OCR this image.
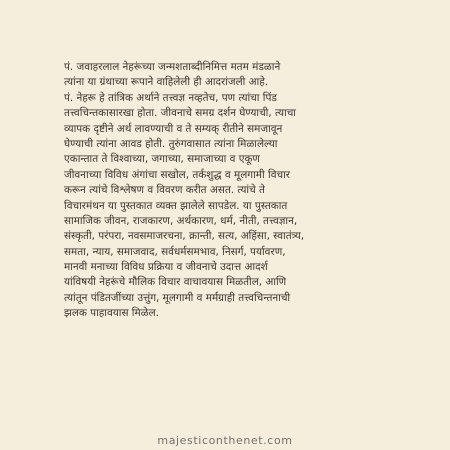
पं. जवाहरलाल नेहरूंच्या जन्मशताब्दीनिमित्त मतम मंडळाने
त्यांना या ग्रंथाच्या रूपाने वाहिलेली ही आदरांजली आहे.
पं. नेहरू हे तांत्रिक अर्थाने तत्त्वज्ञ नव्हतेच, पण त्यांचा पिंड
तत्त्वचिन्तकासारखा होता. जीवनाचे समग्र दर्शन घेण्याची, त्याचा
व्यापक दृष्टीने अर्थ लावण्याची व ते सम्यक् रीतीने समजावून
घेण्याची त्यांना आवड होती. तुरुंगवासात त्यांना मिळालेल्या
एकान्तात ते विश्वाच्या, जगाच्या, समाजाच्या व एकूण
जीवनाच्या विविध अंगांचा सखोल, तर्कशुद्ध व मूलगामी विचार
करून त्यांचे विश्लेषण व विवरण करीत असत. त्यांचे ते
विचारमंथन या पुस्तकात व्यक्त झालेले सापडेल. या पुस्तकात
सामाजिक जीवन, राजकारण, अर्थकारण, धर्म, नीती, तत्त्वज्ञान,
संस्कृती, परंपरा, नवसमाजरचना, क्रान्ती, सत्य, अहिंसा, स्वातंत्र्य,
समता, न्याय, समाजवाद, सर्वधर्मसमभाव, निसर्ग, पर्यावरण,
मानवी मनाच्या विविध प्रक्रिया व जीवनाचे उदात्त आदर्श
यांविषयी नेहरूंचे मौलिक विचार वाचावयास मिळतील, आणि
त्यांतून पंडितजींच्या उत्तुंग, मूलगामी व मर्मग्राही तत्त्वचिन्तनाची
झलक पाहावयास मिळेल.
majesticonthenet.com
